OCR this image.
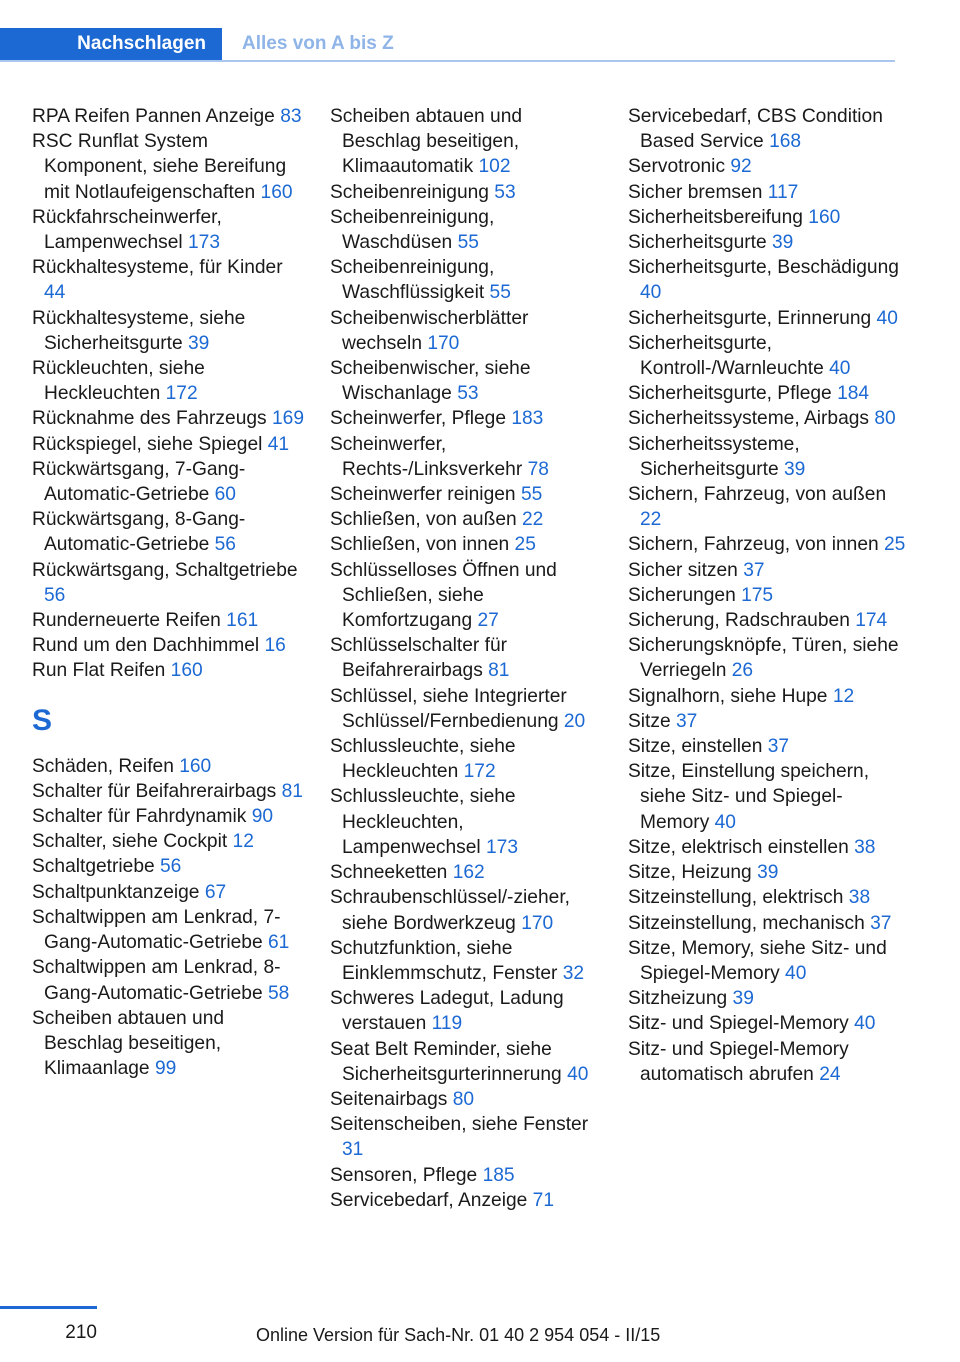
Nachschlagen	Alles von A bis Z

RPA Reifen Pannen Anzeige 83

RSC Runflat System Komponent, siehe Bereifung mit Notlaufeigenschaften 160

Rückfahrscheinwerfer, Lampenwechsel 173

Rückhaltesysteme, für Kinder 44

Rückhaltesysteme, siehe Sicherheitsgurte 39

Rückleuchten, siehe Heckleuchten 172

Rücknahme des Fahrzeugs 169

Rückspiegel, siehe Spiegel 41

Rückwärtsgang, 7-Gang-Automatic-Getriebe 60

Rückwärtsgang, 8-Gang-Automatic-Getriebe 56

Rückwärtsgang, Schaltgetriebe 56

Runderneuerte Reifen 161

Rund um den Dachhimmel 16

Run Flat Reifen 160

S

Schäden, Reifen 160

Schalter für Beifahrerairbags 81

Schalter für Fahrdynamik 90

Schalter, siehe Cockpit 12

Schaltgetriebe 56

Schaltpunktanzeige 67

Schaltwippen am Lenkrad, 7-Gang-Automatic-Getriebe 61

Schaltwippen am Lenkrad, 8-Gang-Automatic-Getriebe 58

Scheiben abtauen und Beschlag beseitigen, Klimaanlage 99

Scheiben abtauen und Beschlag beseitigen, Klimaautomatik 102

Scheibenreinigung 53

Scheibenreinigung, Waschdüsen 55

Scheibenreinigung, Waschflüssigkeit 55

Scheibenwischerblätter wechseln 170

Scheibenwischer, siehe Wischanlage 53

Scheinwerfer, Pflege 183

Scheinwerfer, Rechts-/Linksverkehr 78

Scheinwerfer reinigen 55

Schließen, von außen 22

Schließen, von innen 25

Schlüsselloses Öffnen und Schließen, siehe Komfortzugang 27

Schlüsselschalter für Beifahrerairbags 81

Schlüssel, siehe Integrierter Schlüssel/Fernbedienung 20

Schlussleuchte, siehe Heckleuchten 172

Schlussleuchte, siehe Heckleuchten, Lampenwechsel 173

Schneeketten 162

Schraubenschlüssel/-zieher, siehe Bordwerkzeug 170

Schutzfunktion, siehe Einklemmschutz, Fenster 32

Schweres Ladegut, Ladung verstauen 119

Seat Belt Reminder, siehe Sicherheitsgurterinnerung 40

Seitenairbags 80

Seitenscheiben, siehe Fenster 31

Sensoren, Pflege 185

Servicebedarf, Anzeige 71

Servicebedarf, CBS Condition Based Service 168

Servotronic 92

Sicher bremsen 117

Sicherheitsbereifung 160

Sicherheitsgurte 39

Sicherheitsgurte, Beschädigung 40

Sicherheitsgurte, Erinnerung 40

Sicherheitsgurte, Kontroll-/Warnleuchte 40

Sicherheitsgurte, Pflege 184

Sicherheitssysteme, Airbags 80

Sicherheitssysteme, Sicherheitsgurte 39

Sichern, Fahrzeug, von außen 22

Sichern, Fahrzeug, von innen 25

Sicher sitzen 37

Sicherungen 175

Sicherung, Radschrauben 174

Sicherungsknöpfe, Türen, siehe Verriegeln 26

Signalhorn, siehe Hupe 12

Sitze 37

Sitze, einstellen 37

Sitze, Einstellung speichern, siehe Sitz- und Spiegel-Memory 40

Sitze, elektrisch einstellen 38

Sitze, Heizung 39

Sitzeinstellung, elektrisch 38

Sitzeinstellung, mechanisch 37

Sitze, Memory, siehe Sitz- und Spiegel-Memory 40

Sitzheizung 39

Sitz- und Spiegel-Memory 40

Sitz- und Spiegel-Memory automatisch abrufen 24

210	Online Version für Sach-Nr. 01 40 2 954 054 - II/15
